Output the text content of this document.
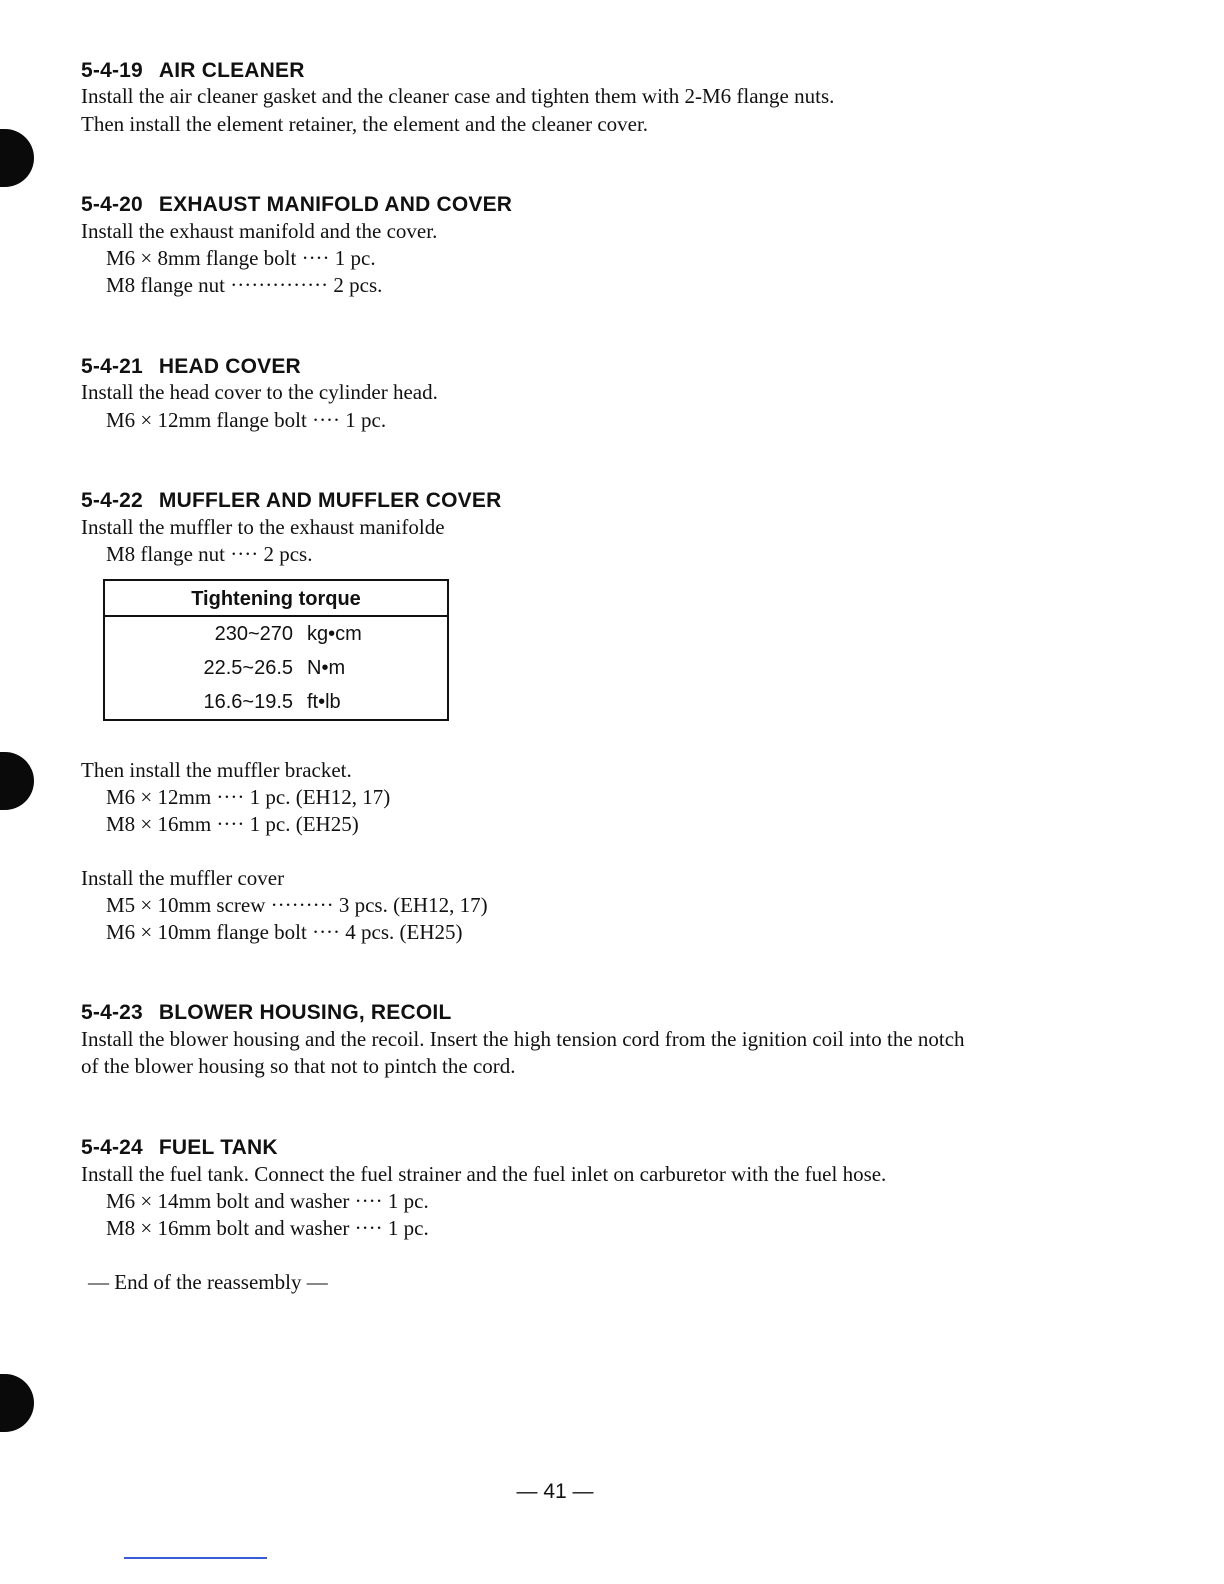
5-4-19 AIR CLEANER
Install the air cleaner gasket and the cleaner case and tighten them with 2-M6 flange nuts.
Then install the element retainer, the element and the cleaner cover.
5-4-20 EXHAUST MANIFOLD AND COVER
Install the exhaust manifold and the cover.
M6 × 8mm flange bolt ···· 1 pc.
M8 flange nut ·············· 2 pcs.
5-4-21 HEAD COVER
Install the head cover to the cylinder head.
M6 × 12mm flange bolt ···· 1 pc.
5-4-22 MUFFLER AND MUFFLER COVER
Install the muffler to the exhaust manifolde
M8 flange nut ···· 2 pcs.
Tightening torque
230~270 kg•cm
22.5~26.5 N•m
16.6~19.5 ft•lb
Then install the muffler bracket.
M6 × 12mm ···· 1 pc. (EH12, 17)
M8 × 16mm ···· 1 pc. (EH25)
Install the muffler cover
M5 × 10mm screw ········· 3 pcs. (EH12, 17)
M6 × 10mm flange bolt ···· 4 pcs. (EH25)
5-4-23 BLOWER HOUSING, RECOIL
Install the blower housing and the recoil. Insert the high tension cord from the ignition coil into the notch
of the blower housing so that not to pintch the cord.
5-4-24 FUEL TANK
Install the fuel tank. Connect the fuel strainer and the fuel inlet on carburetor with the fuel hose.
M6 × 14mm bolt and washer ···· 1 pc.
M8 × 16mm bolt and washer ···· 1 pc.
— End of the reassembly —
— 41 —
